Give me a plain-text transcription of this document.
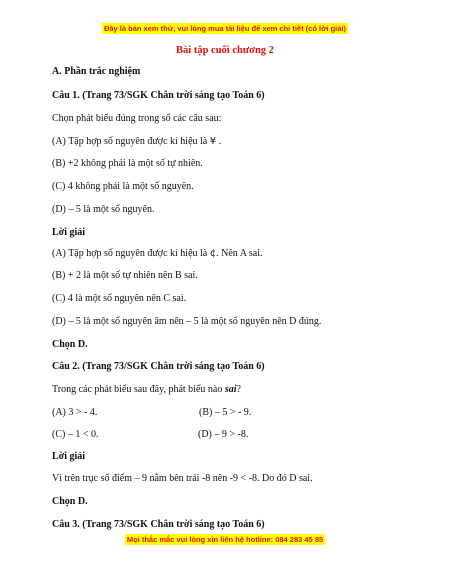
Đây là bản xem thử, vui lòng mua tài liệu để xem chi tiết (có lời giải)
Bài tập cuối chương 2
A. Phần trắc nghiệm
Câu 1. (Trang 73/SGK Chân trời sáng tạo Toán 6)
Chọn phát biểu đúng trong số các câu sau:
(A) Tập hợp số nguyên được kí hiệu là ¥ .
(B) +2 không phải là một số tự nhiên.
(C) 4 không phải là một số nguyên.
(D) – 5 là một số nguyên.
Lời giải
(A) Tập hợp số nguyên được kí hiệu là ¢. Nên A sai.
(B) + 2 là một số tự nhiên nên B sai.
(C) 4 là một số nguyên nên C sai.
(D) – 5 là một số nguyên âm nên – 5 là một số nguyên nên D đúng.
Chọn D.
Câu 2. (Trang 73/SGK Chân trời sáng tạo Toán 6)
Trong các phát biểu sau đây, phát biểu nào sai?
(A) 3 > - 4.	(B) – 5 > - 9.
(C) – 1 < 0.	(D) – 9 > -8.
Lời giải
Vì trên trục số điểm – 9 nằm bên trái -8 nên -9 < -8. Do đó D sai.
Chọn D.
Câu 3. (Trang 73/SGK Chân trời sáng tạo Toán 6)
Mọi thắc mắc vui lòng xin liên hệ hotline: 084 283 45 85
